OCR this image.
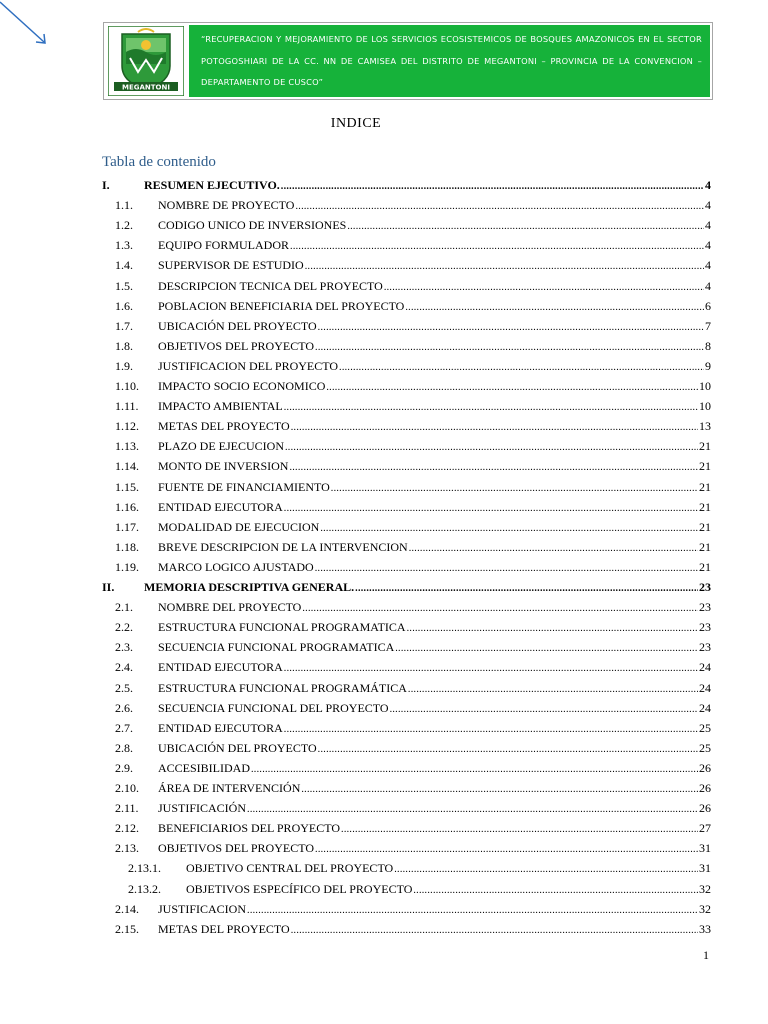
MEGANTONI
“RECUPERACION Y MEJORAMIENTO DE LOS SERVICIOS ECOSISTEMICOS DE BOSQUES AMAZONICOS EN EL SECTOR POTOGOSHIARI DE LA CC. NN DE CAMISEA DEL DISTRITO DE MEGANTONI – PROVINCIA DE LA CONVENCION – DEPARTAMENTO DE CUSCO”
INDICE
Tabla de contenido
I.	RESUMEN EJECUTIVO. .....	4
1.1.	NOMBRE DE PROYECTO .....	4
1.2.	CODIGO UNICO DE INVERSIONES .....	4
1.3.	EQUIPO FORMULADOR .....	4
1.4.	SUPERVISOR DE ESTUDIO .....	4
1.5.	DESCRIPCION TECNICA DEL PROYECTO .....	4
1.6.	POBLACION BENEFICIARIA DEL PROYECTO .....	6
1.7.	UBICACIÓN DEL PROYECTO .....	7
1.8.	OBJETIVOS DEL PROYECTO .....	8
1.9.	JUSTIFICACION DEL PROYECTO .....	9
1.10.	IMPACTO SOCIO ECONOMICO .....	10
1.11.	IMPACTO AMBIENTAL .....	10
1.12.	METAS DEL PROYECTO .....	13
1.13.	PLAZO DE EJECUCION .....	21
1.14.	MONTO DE INVERSION .....	21
1.15.	FUENTE DE FINANCIAMIENTO .....	21
1.16.	ENTIDAD EJECUTORA .....	21
1.17.	MODALIDAD DE EJECUCION .....	21
1.18.	BREVE DESCRIPCION DE LA INTERVENCION .....	21
1.19.	MARCO LOGICO AJUSTADO .....	21
II.	MEMORIA DESCRIPTIVA GENERAL. .....	23
2.1.	NOMBRE DEL PROYECTO .....	23
2.2.	ESTRUCTURA FUNCIONAL PROGRAMATICA .....	23
2.3.	SECUENCIA FUNCIONAL PROGRAMATICA .....	23
2.4.	ENTIDAD EJECUTORA .....	24
2.5.	ESTRUCTURA FUNCIONAL PROGRAMÁTICA .....	24
2.6.	SECUENCIA FUNCIONAL DEL PROYECTO .....	24
2.7.	ENTIDAD EJECUTORA .....	25
2.8.	UBICACIÓN DEL PROYECTO .....	25
2.9.	ACCESIBILIDAD .....	26
2.10.	ÁREA DE INTERVENCIÓN .....	26
2.11.	JUSTIFICACIÓN .....	26
2.12.	BENEFICIARIOS DEL PROYECTO .....	27
2.13.	OBJETIVOS DEL PROYECTO .....	31
2.13.1.	OBJETIVO CENTRAL DEL PROYECTO .....	31
2.13.2.	OBJETIVOS ESPECÍFICO DEL PROYECTO .....	32
2.14.	JUSTIFICACION .....	32
2.15.	METAS DEL PROYECTO .....	33
1
